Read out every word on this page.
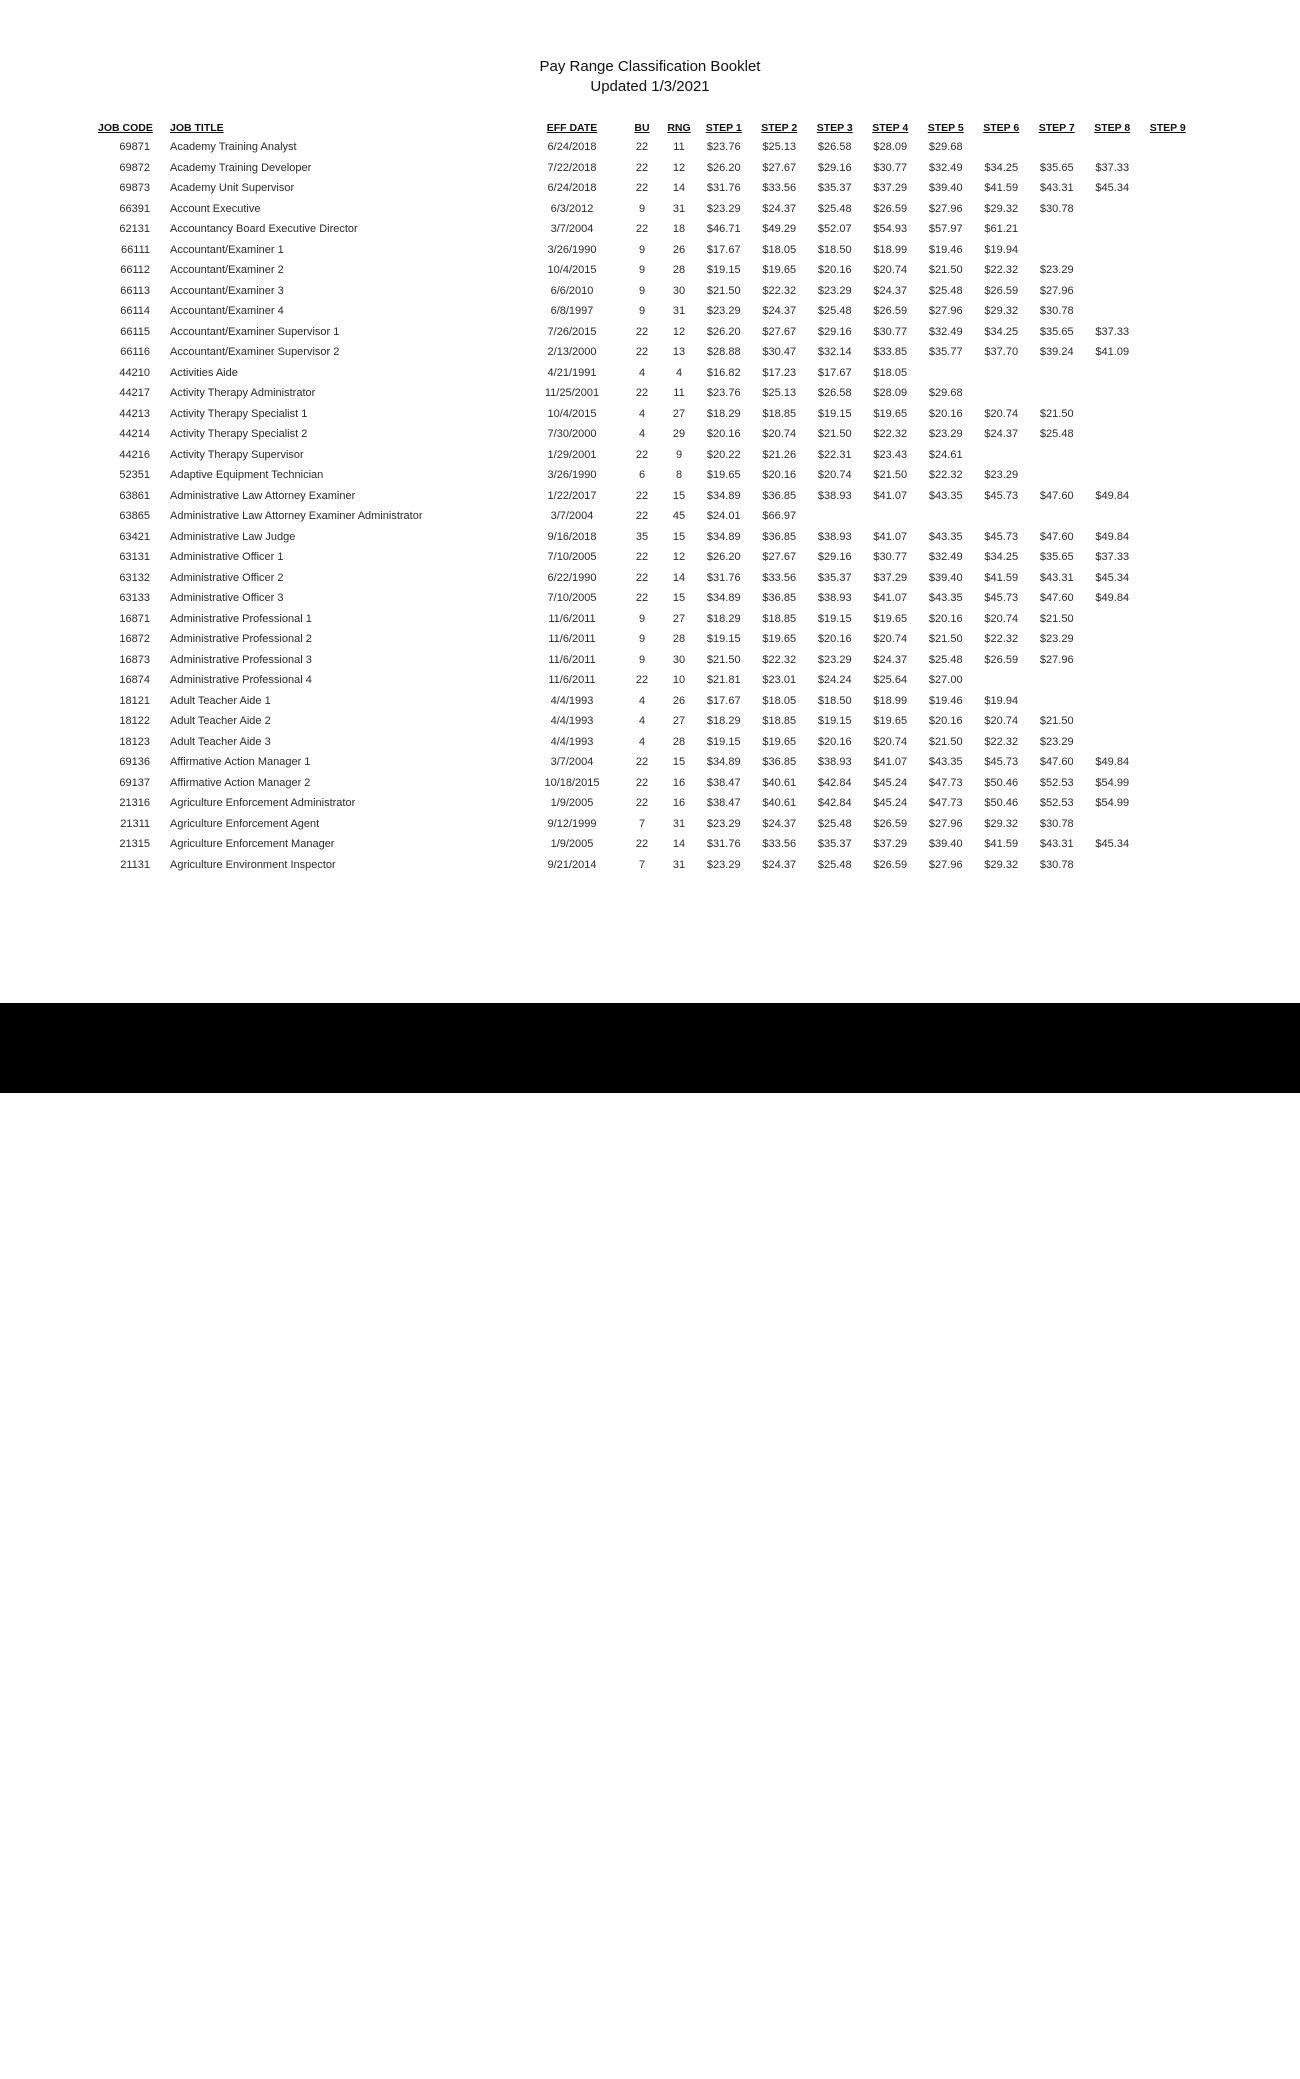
Pay Range Classification Booklet
Updated 1/3/2021
JOB CODE	JOB TITLE	EFF DATE	BU	RNG	STEP 1	STEP 2	STEP 3	STEP 4	STEP 5	STEP 6	STEP 7	STEP 8	STEP 9
69871	Academy Training Analyst	6/24/2018	22	11	$23.76	$25.13	$26.58	$28.09	$29.68				
69872	Academy Training Developer	7/22/2018	22	12	$26.20	$27.67	$29.16	$30.77	$32.49	$34.25	$35.65	$37.33	
69873	Academy Unit Supervisor	6/24/2018	22	14	$31.76	$33.56	$35.37	$37.29	$39.40	$41.59	$43.31	$45.34	
66391	Account Executive	6/3/2012	9	31	$23.29	$24.37	$25.48	$26.59	$27.96	$29.32	$30.78		
62131	Accountancy Board Executive Director	3/7/2004	22	18	$46.71	$49.29	$52.07	$54.93	$57.97	$61.21			
66111	Accountant/Examiner 1	3/26/1990	9	26	$17.67	$18.05	$18.50	$18.99	$19.46	$19.94			
66112	Accountant/Examiner 2	10/4/2015	9	28	$19.15	$19.65	$20.16	$20.74	$21.50	$22.32	$23.29		
66113	Accountant/Examiner 3	6/6/2010	9	30	$21.50	$22.32	$23.29	$24.37	$25.48	$26.59	$27.96		
66114	Accountant/Examiner 4	6/8/1997	9	31	$23.29	$24.37	$25.48	$26.59	$27.96	$29.32	$30.78		
66115	Accountant/Examiner Supervisor 1	7/26/2015	22	12	$26.20	$27.67	$29.16	$30.77	$32.49	$34.25	$35.65	$37.33	
66116	Accountant/Examiner Supervisor 2	2/13/2000	22	13	$28.88	$30.47	$32.14	$33.85	$35.77	$37.70	$39.24	$41.09	
44210	Activities Aide	4/21/1991	4	4	$16.82	$17.23	$17.67	$18.05					
44217	Activity Therapy Administrator	11/25/2001	22	11	$23.76	$25.13	$26.58	$28.09	$29.68				
44213	Activity Therapy Specialist 1	10/4/2015	4	27	$18.29	$18.85	$19.15	$19.65	$20.16	$20.74	$21.50		
44214	Activity Therapy Specialist 2	7/30/2000	4	29	$20.16	$20.74	$21.50	$22.32	$23.29	$24.37	$25.48		
44216	Activity Therapy Supervisor	1/29/2001	22	9	$20.22	$21.26	$22.31	$23.43	$24.61				
52351	Adaptive Equipment Technician	3/26/1990	6	8	$19.65	$20.16	$20.74	$21.50	$22.32	$23.29			
63861	Administrative Law Attorney Examiner	1/22/2017	22	15	$34.89	$36.85	$38.93	$41.07	$43.35	$45.73	$47.60	$49.84	
63865	Administrative Law Attorney Examiner Administrator	3/7/2004	22	45	$24.01	$66.97							
63421	Administrative Law Judge	9/16/2018	35	15	$34.89	$36.85	$38.93	$41.07	$43.35	$45.73	$47.60	$49.84	
63131	Administrative Officer 1	7/10/2005	22	12	$26.20	$27.67	$29.16	$30.77	$32.49	$34.25	$35.65	$37.33	
63132	Administrative Officer 2	6/22/1990	22	14	$31.76	$33.56	$35.37	$37.29	$39.40	$41.59	$43.31	$45.34	
63133	Administrative Officer 3	7/10/2005	22	15	$34.89	$36.85	$38.93	$41.07	$43.35	$45.73	$47.60	$49.84	
16871	Administrative Professional 1	11/6/2011	9	27	$18.29	$18.85	$19.15	$19.65	$20.16	$20.74	$21.50		
16872	Administrative Professional 2	11/6/2011	9	28	$19.15	$19.65	$20.16	$20.74	$21.50	$22.32	$23.29		
16873	Administrative Professional 3	11/6/2011	9	30	$21.50	$22.32	$23.29	$24.37	$25.48	$26.59	$27.96		
16874	Administrative Professional 4	11/6/2011	22	10	$21.81	$23.01	$24.24	$25.64	$27.00				
18121	Adult Teacher Aide 1	4/4/1993	4	26	$17.67	$18.05	$18.50	$18.99	$19.46	$19.94			
18122	Adult Teacher Aide 2	4/4/1993	4	27	$18.29	$18.85	$19.15	$19.65	$20.16	$20.74	$21.50		
18123	Adult Teacher Aide 3	4/4/1993	4	28	$19.15	$19.65	$20.16	$20.74	$21.50	$22.32	$23.29		
69136	Affirmative Action Manager 1	3/7/2004	22	15	$34.89	$36.85	$38.93	$41.07	$43.35	$45.73	$47.60	$49.84	
69137	Affirmative Action Manager 2	10/18/2015	22	16	$38.47	$40.61	$42.84	$45.24	$47.73	$50.46	$52.53	$54.99	
21316	Agriculture Enforcement Administrator	1/9/2005	22	16	$38.47	$40.61	$42.84	$45.24	$47.73	$50.46	$52.53	$54.99	
21311	Agriculture Enforcement Agent	9/12/1999	7	31	$23.29	$24.37	$25.48	$26.59	$27.96	$29.32	$30.78		
21315	Agriculture Enforcement Manager	1/9/2005	22	14	$31.76	$33.56	$35.37	$37.29	$39.40	$41.59	$43.31	$45.34	
21131	Agriculture Environment Inspector	9/21/2014	7	31	$23.29	$24.37	$25.48	$26.59	$27.96	$29.32	$30.78		
alamy	3BFT824
www.alamy.com
